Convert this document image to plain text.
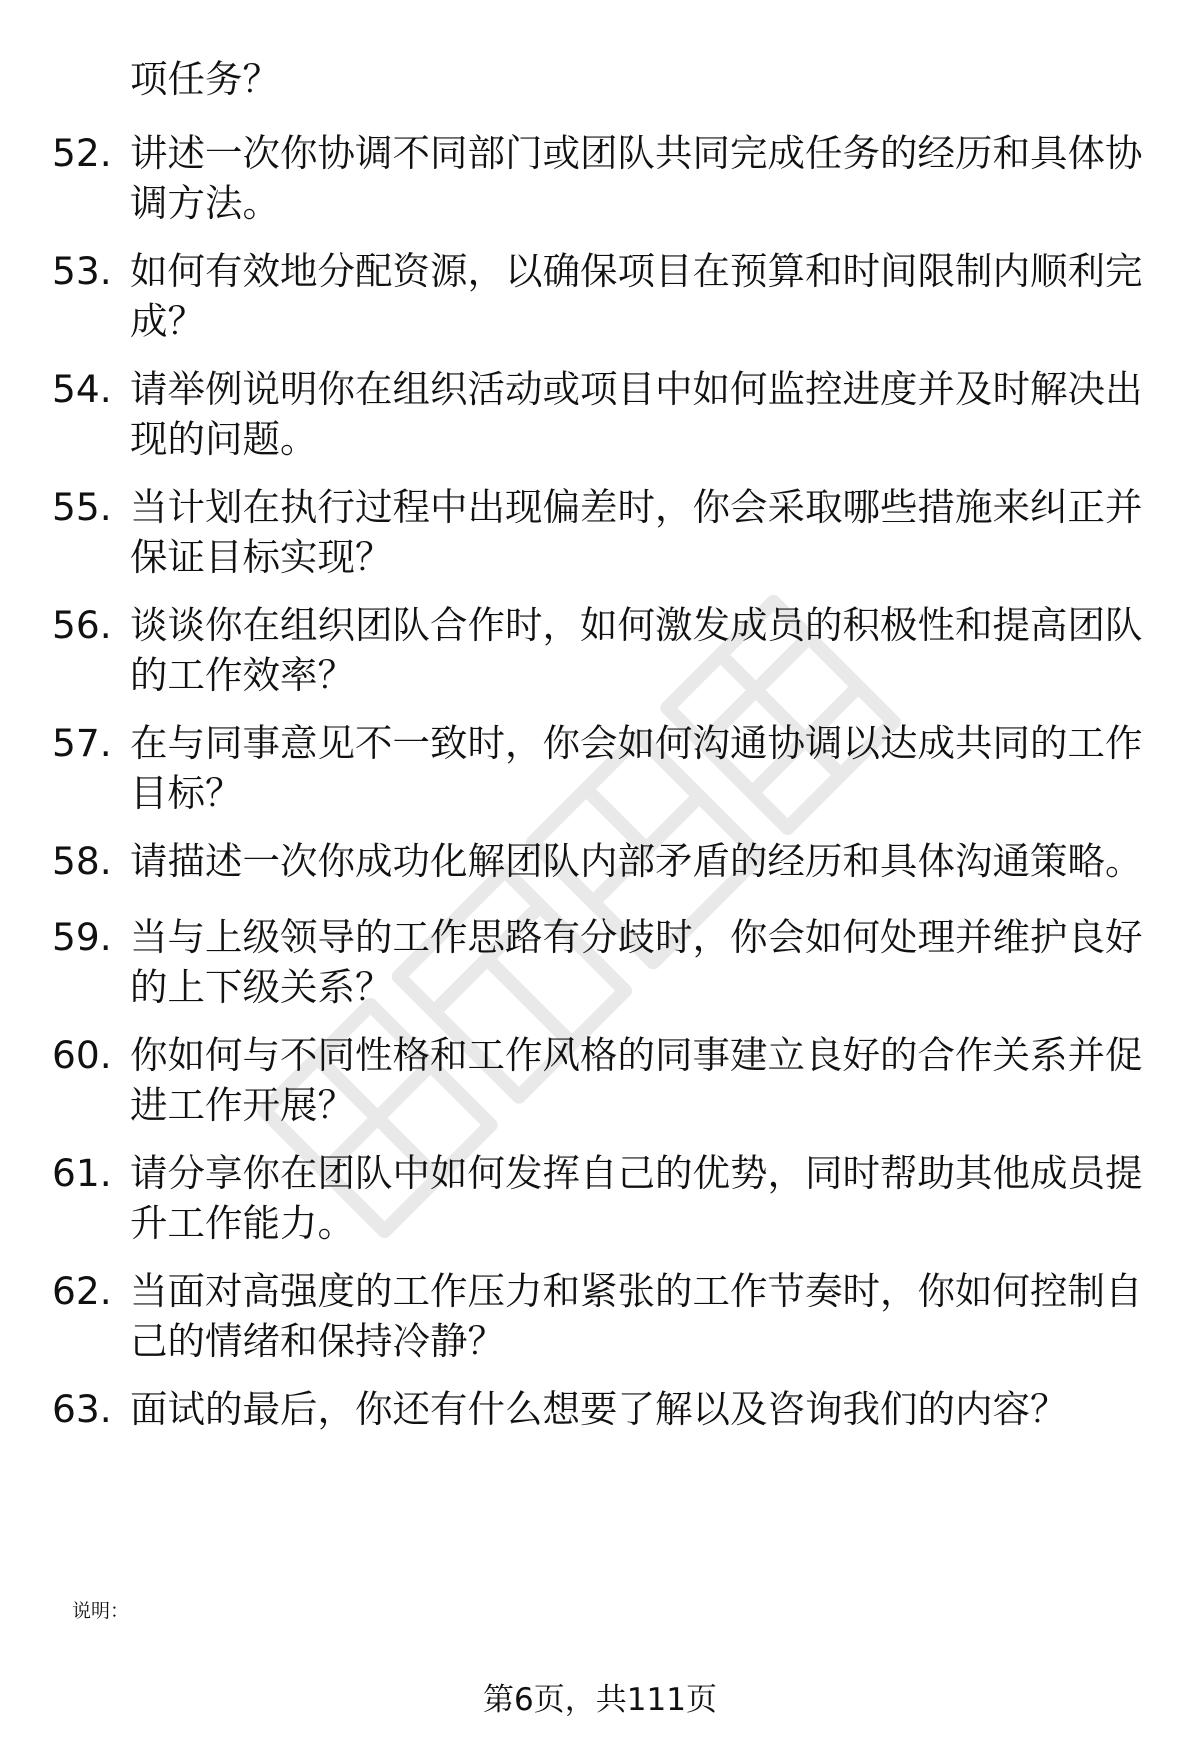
项任务？
52. 讲述一次你协调不同部门或团队共同完成任务的经历和具体协调方法。
53. 如何有效地分配资源，以确保项目在预算和时间限制内顺利完成？
54. 请举例说明你在组织活动或项目中如何监控进度并及时解决出现的问题。
55. 当计划在执行过程中出现偏差时，你会采取哪些措施来纠正并保证目标实现？
56. 谈谈你在组织团队合作时，如何激发成员的积极性和提高团队的工作效率？
57. 在与同事意见不一致时，你会如何沟通协调以达成共同的工作目标？
58. 请描述一次你成功化解团队内部矛盾的经历和具体沟通策略。
59. 当与上级领导的工作思路有分歧时，你会如何处理并维护良好的上下级关系？
60. 你如何与不同性格和工作风格的同事建立良好的合作关系并促进工作开展？
61. 请分享你在团队中如何发挥自己的优势，同时帮助其他成员提升工作能力。
62. 当面对高强度的工作压力和紧张的工作节奏时，你如何控制自己的情绪和保持冷静？
63. 面试的最后，你还有什么想要了解以及咨询我们的内容？
说明：
第6页，共111页
